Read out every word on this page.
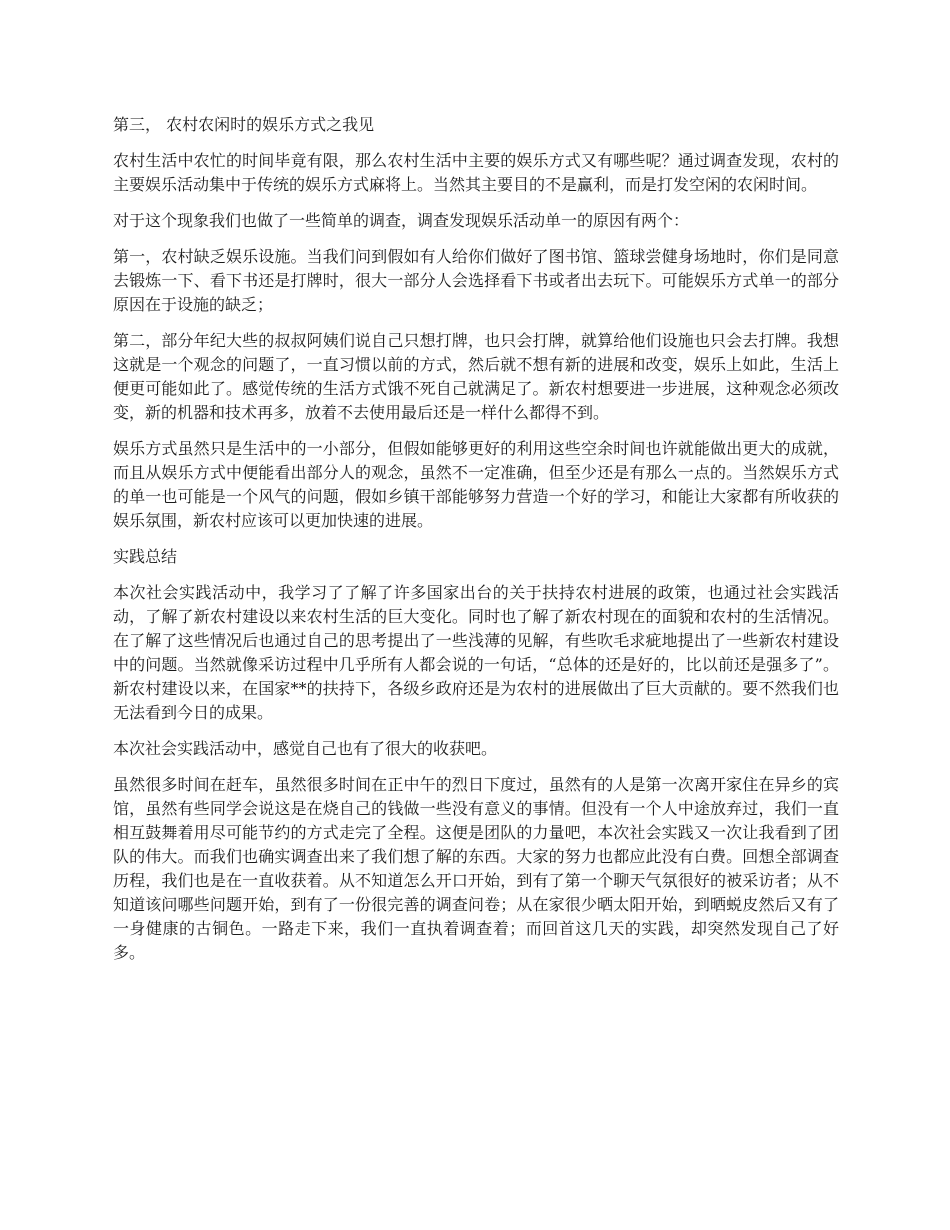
第三， 农村农闲时的娱乐方式之我见

农村生活中农忙的时间毕竟有限，那么农村生活中主要的娱乐方式又有哪些呢？通过调查发现，农村的主要娱乐活动集中于传统的娱乐方式麻将上。当然其主要目的不是赢利，而是打发空闲的农闲时间。

对于这个现象我们也做了一些简单的调查，调查发现娱乐活动单一的原因有两个：

第一，农村缺乏娱乐设施。当我们问到假如有人给你们做好了图书馆、篮球尝健身场地时，你们是同意去锻炼一下、看下书还是打牌时，很大一部分人会选择看下书或者出去玩下。可能娱乐方式单一的部分原因在于设施的缺乏；

第二，部分年纪大些的叔叔阿姨们说自己只想打牌，也只会打牌，就算给他们设施也只会去打牌。我想这就是一个观念的问题了，一直习惯以前的方式，然后就不想有新的进展和改变，娱乐上如此，生活上便更可能如此了。感觉传统的生活方式饿不死自己就满足了。新农村想要进一步进展，这种观念必须改变，新的机器和技术再多，放着不去使用最后还是一样什么都得不到。

娱乐方式虽然只是生活中的一小部分，但假如能够更好的利用这些空余时间也许就能做出更大的成就，而且从娱乐方式中便能看出部分人的观念，虽然不一定准确，但至少还是有那么一点的。当然娱乐方式的单一也可能是一个风气的问题，假如乡镇干部能够努力营造一个好的学习，和能让大家都有所收获的娱乐氛围，新农村应该可以更加快速的进展。

实践总结

本次社会实践活动中，我学习了了解了许多国家出台的关于扶持农村进展的政策，也通过社会实践活动，了解了新农村建设以来农村生活的巨大变化。同时也了解了新农村现在的面貌和农村的生活情况。在了解了这些情况后也通过自己的思考提出了一些浅薄的见解，有些吹毛求疵地提出了一些新农村建设中的问题。当然就像采访过程中几乎所有人都会说的一句话，“总体的还是好的，比以前还是强多了”。新农村建设以来，在国家**的扶持下，各级乡政府还是为农村的进展做出了巨大贡献的。要不然我们也无法看到今日的成果。

本次社会实践活动中，感觉自己也有了很大的收获吧。

虽然很多时间在赶车，虽然很多时间在正中午的烈日下度过，虽然有的人是第一次离开家住在异乡的宾馆，虽然有些同学会说这是在烧自己的钱做一些没有意义的事情。但没有一个人中途放弃过，我们一直相互鼓舞着用尽可能节约的方式走完了全程。这便是团队的力量吧，本次社会实践又一次让我看到了团队的伟大。而我们也确实调查出来了我们想了解的东西。大家的努力也都应此没有白费。回想全部调查历程，我们也是在一直收获着。从不知道怎么开口开始，到有了第一个聊天气氛很好的被采访者；从不知道该问哪些问题开始，到有了一份很完善的调查问卷；从在家很少晒太阳开始，到晒蜕皮然后又有了一身健康的古铜色。一路走下来，我们一直执着调查着；而回首这几天的实践，却突然发现自己了好多。
